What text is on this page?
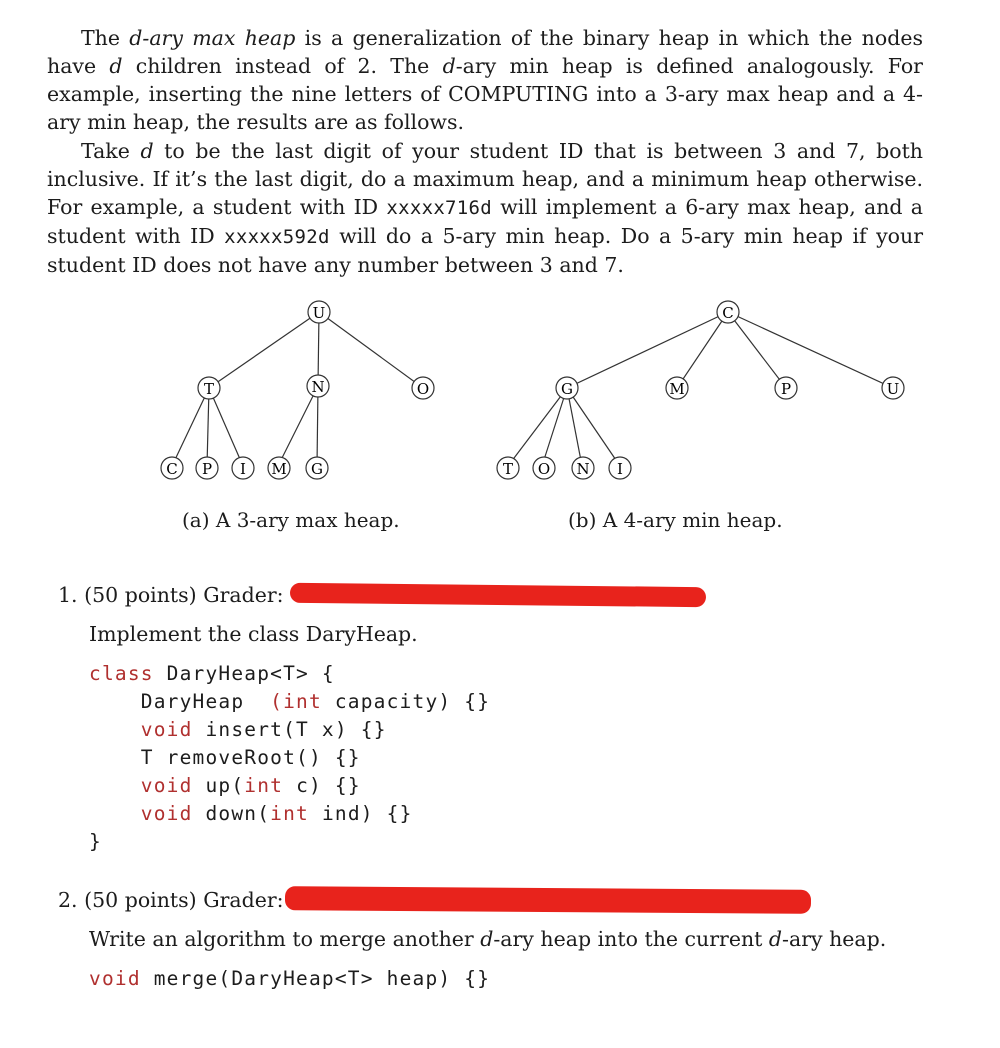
The d-ary max heap is a generalization of the binary heap in which the nodes have d children instead of 2. The d-ary min heap is defined analogously. For example, inserting the nine letters of COMPUTING into a 3-ary max heap and a 4-ary min heap, the results are as follows.

Take d to be the last digit of your student ID that is between 3 and 7, both inclusive. If it’s the last digit, do a maximum heap, and a minimum heap otherwise. For example, a student with ID xxxxx716d will implement a 6-ary max heap, and a student with ID xxxxx592d will do a 5-ary min heap. Do a 5-ary min heap if your student ID does not have any number between 3 and 7.

U
T	N	O
C P I M G
C
G	M	P	U
T O N I
(a) A 3-ary max heap.	(b) A 4-ary min heap.
1. (50 points) Grader:
Implement the class DaryHeap.
class DaryHeap<T> {
DaryHeap  (int capacity) {}
void insert(T x) {}
T removeRoot() {}
void up(int c) {}
void down(int ind) {}
}
2. (50 points) Grader:
Write an algorithm to merge another d-ary heap into the current d-ary heap.
void merge(DaryHeap<T> heap) {}
